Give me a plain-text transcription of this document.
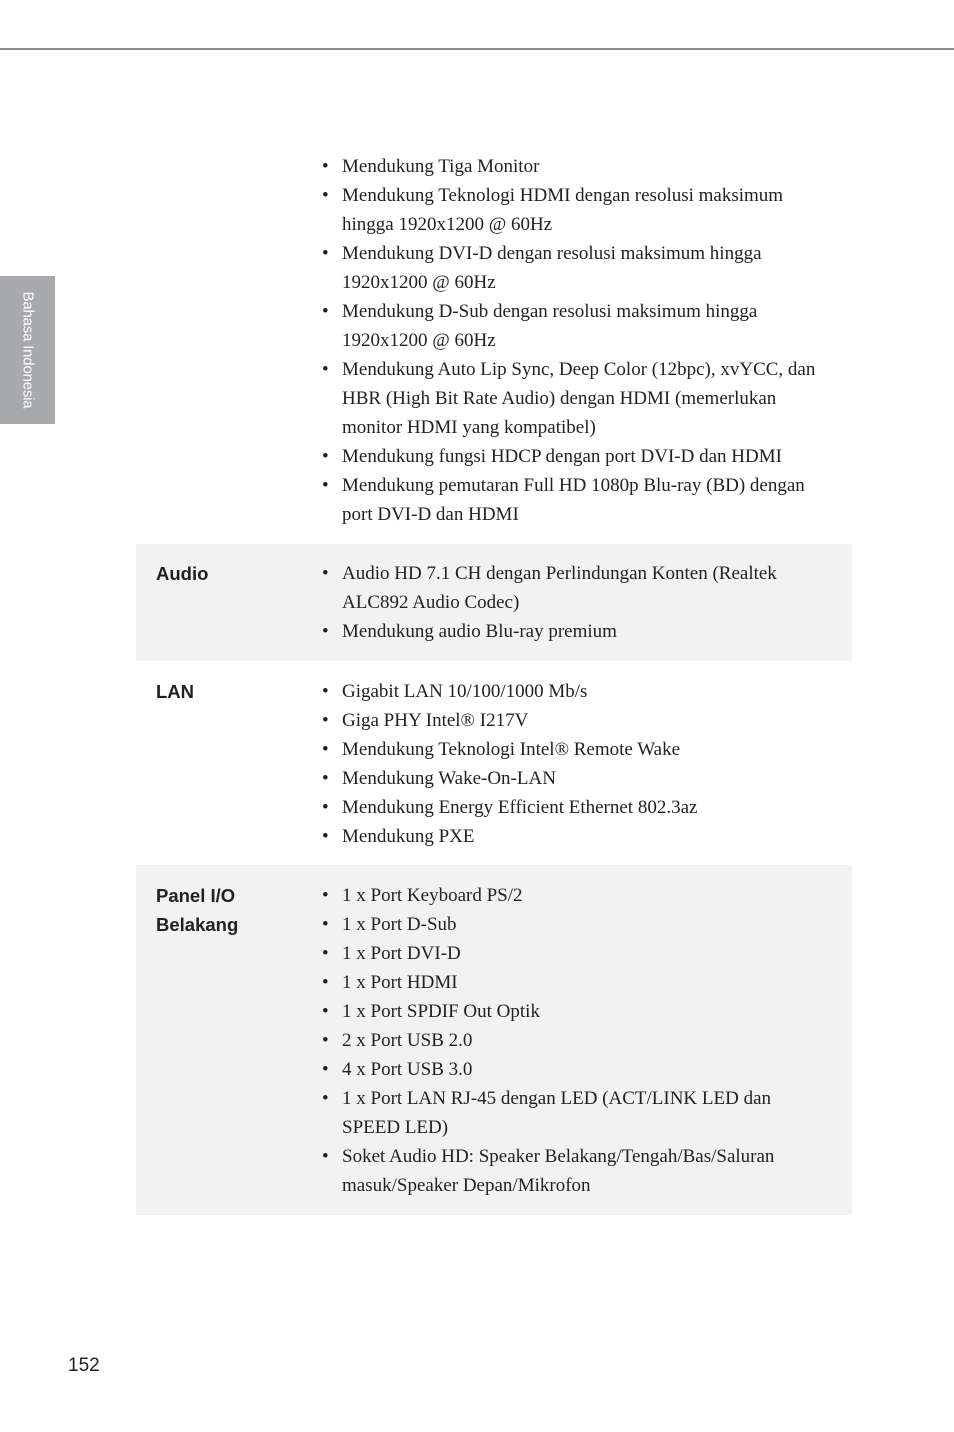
Bahasa Indonesia
• Mendukung Tiga Monitor
• Mendukung Teknologi HDMI dengan resolusi maksimum hingga 1920x1200 @ 60Hz
• Mendukung DVI-D dengan resolusi maksimum hingga 1920x1200 @ 60Hz
• Mendukung D-Sub dengan resolusi maksimum hingga 1920x1200 @ 60Hz
• Mendukung Auto Lip Sync, Deep Color (12bpc), xvYCC, dan HBR (High Bit Rate Audio) dengan HDMI (memerlukan monitor HDMI yang kompatibel)
• Mendukung fungsi HDCP dengan port DVI-D dan HDMI
• Mendukung pemutaran Full HD 1080p Blu-ray (BD) dengan port DVI-D dan HDMI
Audio	• Audio HD 7.1 CH dengan Perlindungan Konten (Realtek ALC892 Audio Codec)
• Mendukung audio Blu-ray premium
LAN	• Gigabit LAN 10/100/1000 Mb/s
• Giga PHY Intel® I217V
• Mendukung Teknologi Intel® Remote Wake
• Mendukung Wake-On-LAN
• Mendukung Energy Efficient Ethernet 802.3az
• Mendukung PXE
Panel I/O
Belakang
• 1 x Port Keyboard PS/2
• 1 x Port D-Sub
• 1 x Port DVI-D
• 1 x Port HDMI
• 1 x Port SPDIF Out Optik
• 2 x Port USB 2.0
• 4 x Port USB 3.0
• 1 x Port LAN RJ-45 dengan LED (ACT/LINK LED dan SPEED LED)
• Soket Audio HD: Speaker Belakang/Tengah/Bas/Saluran masuk/Speaker Depan/Mikrofon
152
